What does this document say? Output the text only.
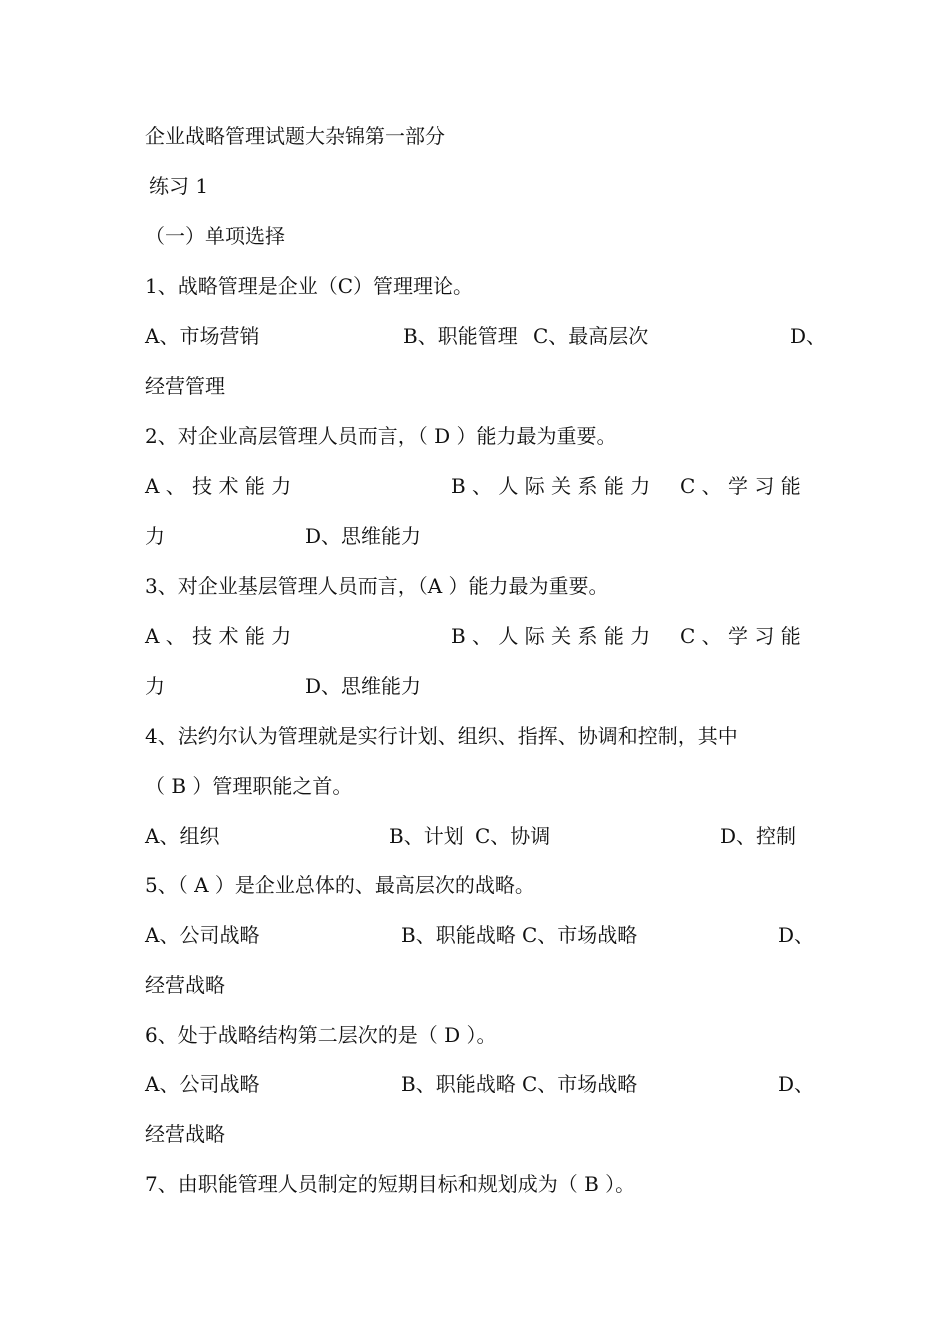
企业战略管理试题大杂锦第一部分
练习 1
（一）单项选择
1、战略管理是企业（C）管理理论。
A、市场营销	B、职能管理 C、最高层次	D、
经营管理
2、对企业高层管理人员而言，（ D ）能力最为重要。
A 、 技 术 能 力	B 、 人 际 关 系 能 力 C 、 学 习 能
力	D、思维能力
3、对企业基层管理人员而言，（A ）能力最为重要。
A 、 技 术 能 力	B 、 人 际 关 系 能 力 C 、 学 习 能
力	D、思维能力
4、法约尔认为管理就是实行计划、组织、指挥、协调和控制，其中
（ B ）管理职能之首。
A、组织	B、计划 C、协调	D、控制
5、（ A ）是企业总体的、最高层次的战略。
A、公司战略	B、职能战略 C、市场战略	D、
经营战略
6、处于战略结构第二层次的是（ D ）。
A、公司战略	B、职能战略 C、市场战略	D、
经营战略
7、由职能管理人员制定的短期目标和规划成为（ B ）。
